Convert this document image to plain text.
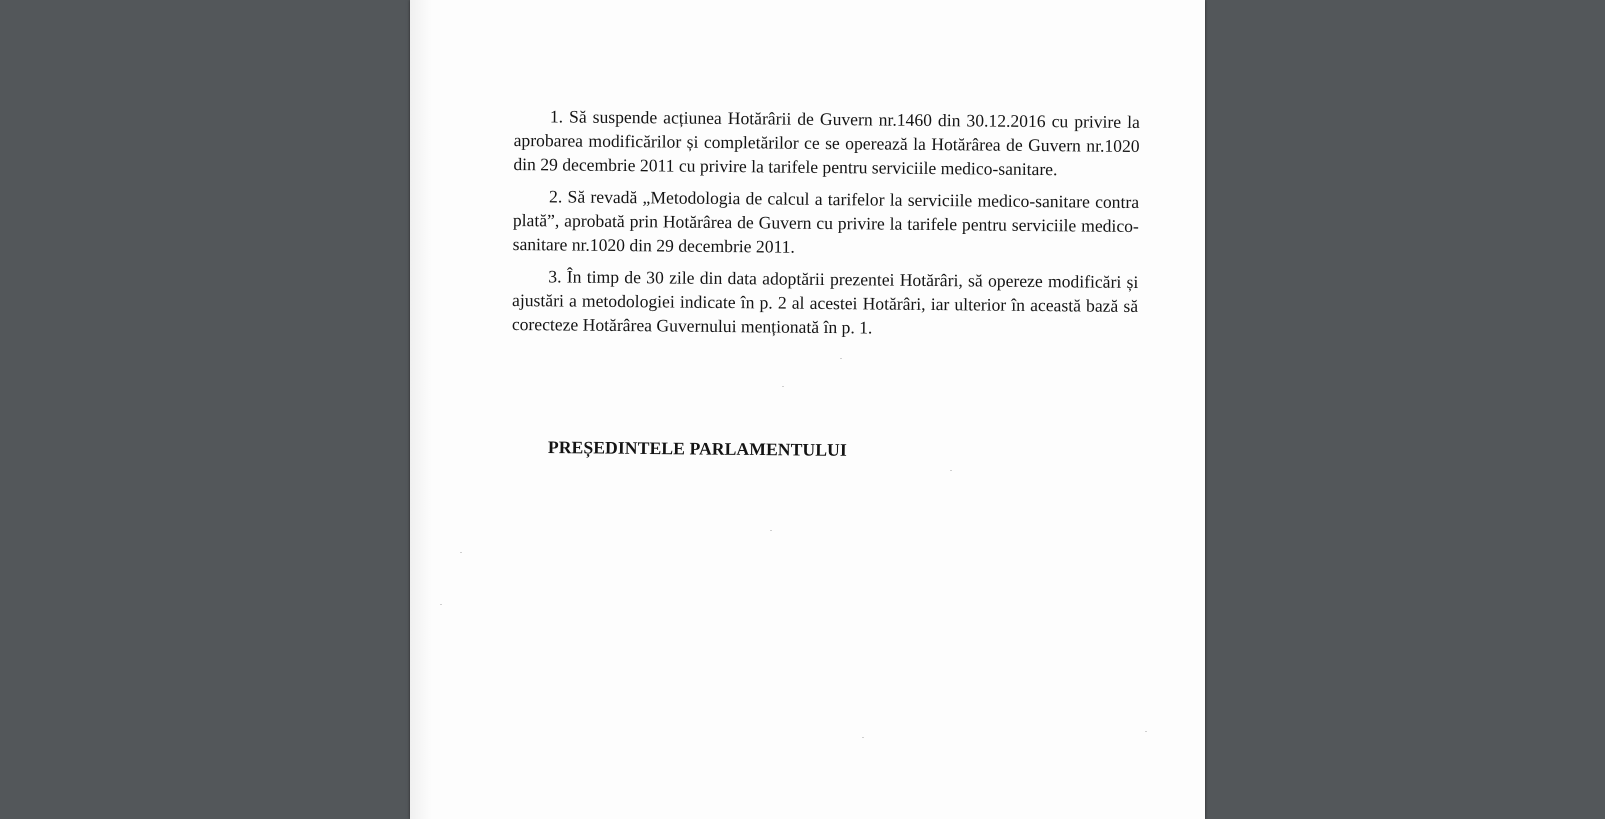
1. Să suspende acțiunea Hotărârii de Guvern nr.1460 din 30.12.2016 cu privire la aprobarea modificărilor și completărilor ce se operează la Hotărârea de Guvern nr.1020 din 29 decembrie 2011 cu privire la tarifele pentru serviciile medico-sanitare.

2. Să revadă „Metodologia de calcul a tarifelor la serviciile medico-sanitare contra plată”, aprobată prin Hotărârea de Guvern cu privire la tarifele pentru serviciile medico-sanitare nr.1020 din 29 decembrie 2011.

3. În timp de 30 zile din data adoptării prezentei Hotărâri, să opereze modificări și ajustări a metodologiei indicate în p. 2 al acestei Hotărâri, iar ulterior în această bază să corecteze Hotărârea Guvernului menționată în p. 1.

PREȘEDINTELE PARLAMENTULUI
